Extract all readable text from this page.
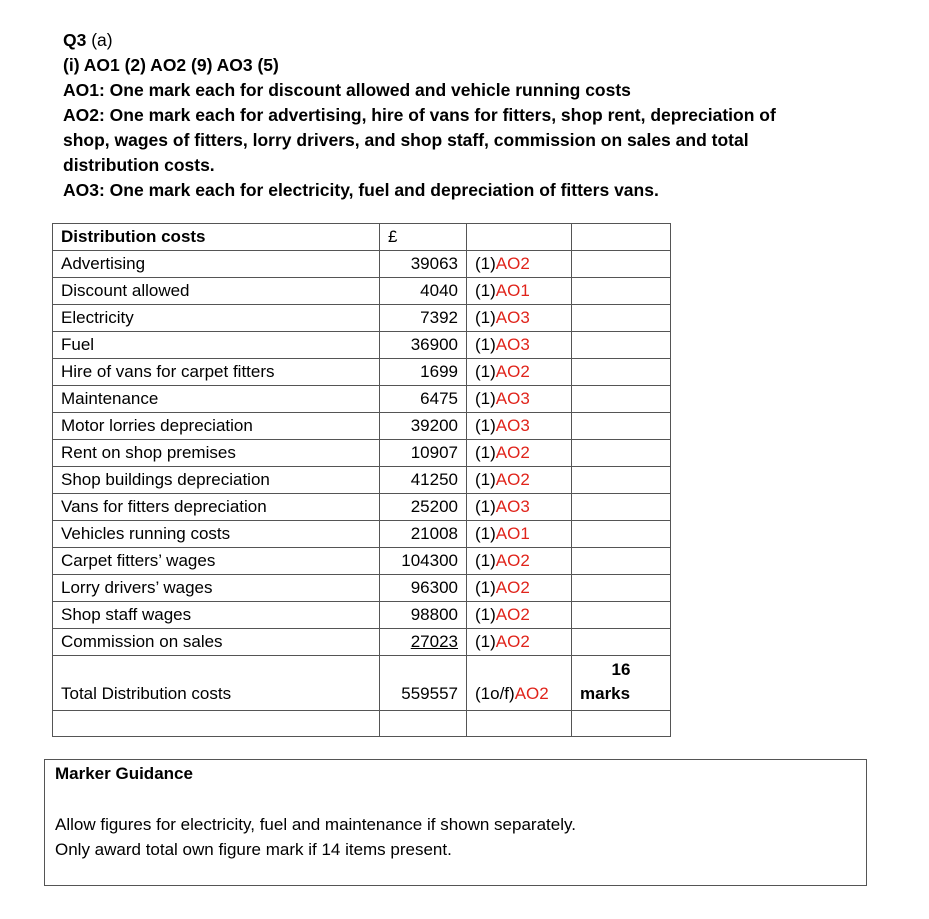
Q3 (a)
(i) AO1 (2) AO2 (9) AO3 (5)
AO1: One mark each for discount allowed and vehicle running costs
AO2: One mark each for advertising, hire of vans for fitters, shop rent, depreciation of
shop, wages of fitters, lorry drivers, and shop staff, commission on sales and total
distribution costs.
AO3: One mark each for electricity, fuel and depreciation of fitters vans.
Distribution costs	£		
Advertising	39063	(1)AO2	
Discount allowed	4040	(1)AO1	
Electricity	7392	(1)AO3	
Fuel	36900	(1)AO3	
Hire of vans for carpet fitters	1699	(1)AO2	
Maintenance	6475	(1)AO3	
Motor lorries depreciation	39200	(1)AO3	
Rent on shop premises	10907	(1)AO2	
Shop buildings depreciation	41250	(1)AO2	
Vans for fitters depreciation	25200	(1)AO3	
Vehicles running costs	21008	(1)AO1	
Carpet fitters’ wages	104300	(1)AO2	
Lorry drivers’ wages	96300	(1)AO2	
Shop staff wages	98800	(1)AO2	
Commission on sales	27023	(1)AO2	
Total Distribution costs	559557	(1o/f)AO2	16
marks

Marker Guidance
Allow figures for electricity, fuel and maintenance if shown separately.
Only award total own figure mark if 14 items present.
